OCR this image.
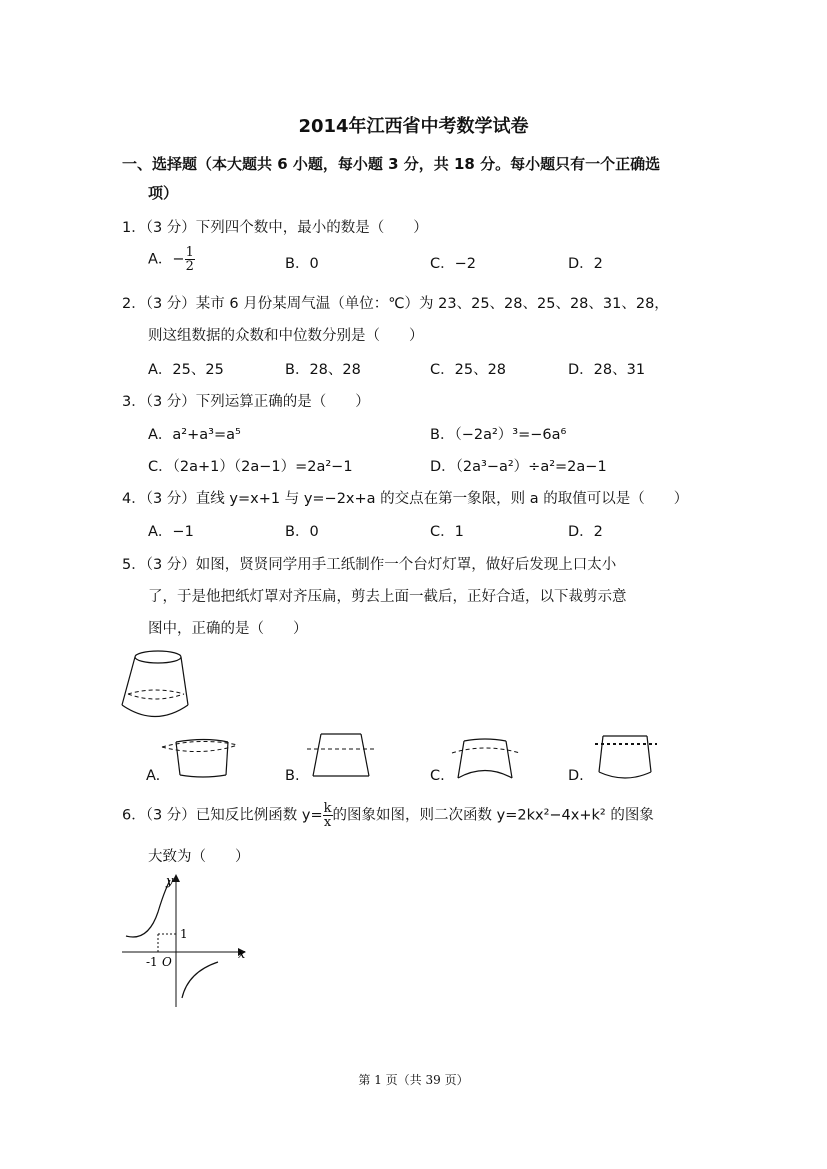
2014年江西省中考数学试卷
一、选择题（本大题共 6 小题，每小题 3 分，共 18 分。每小题只有一个正确选
项）
1．（3 分）下列四个数中，最小的数是（　　）
A．− $\frac{1}{2}$	B．0	C．−2	D．2
2．（3 分）某市 6 月份某周气温（单位：℃）为 23、25、28、25、28、31、28，
则这组数据的众数和中位数分别是（　　）
A．25、25	B．28、28	C．25、28	D．28、31
3．（3 分）下列运算正确的是（　　）
A．a²+a³=a⁵	B．（−2a²）³=−6a⁶
C．（2a+1）（2a−1）=2a²−1	D．（2a³−a²）÷a²=2a−1
4．（3 分）直线 y=x+1 与 y=−2x+a 的交点在第一象限，则 a 的取值可以是（　　）
A．−1	B．0	C．1	D．2
5．（3 分）如图，贤贤同学用手工纸制作一个台灯灯罩，做好后发现上口太小
了，于是他把纸灯罩对齐压扁，剪去上面一截后，正好合适，以下裁剪示意
图中，正确的是（　　）
A.	B.	C.	D.
6．（3 分）已知反比例函数 $y= \frac{k}{x}$ 的图象如图，则二次函数 y=2kx²−4x+k² 的图象
大致为（　　）
y
x
O
-1
1
第 1 页（共 39 页）
